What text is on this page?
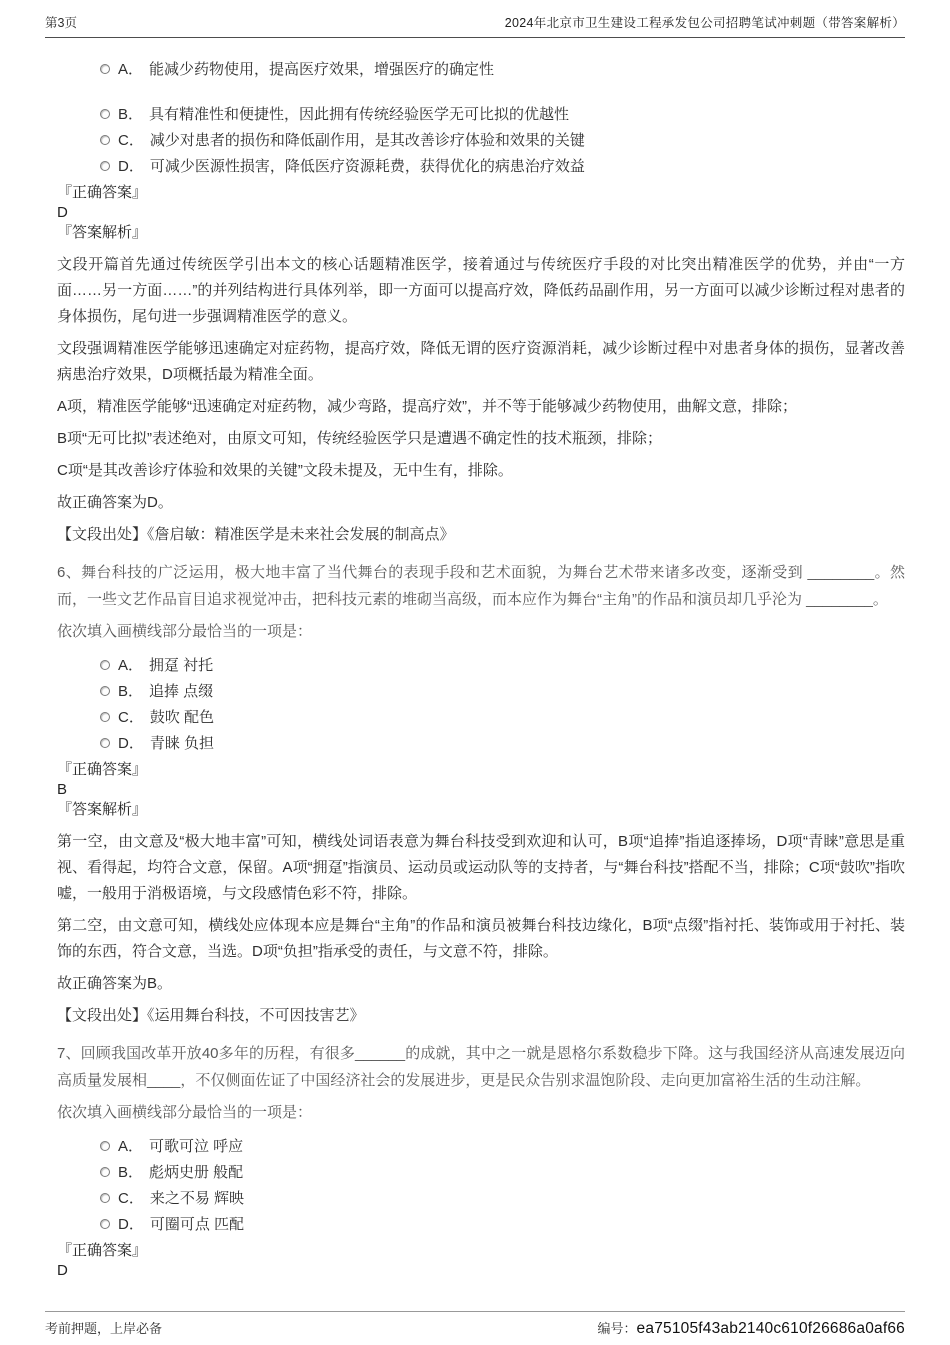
第3页	2024年北京市卫生建设工程承发包公司招聘笔试冲刺题（带答案解析）
A． 能减少药物使用，提高医疗效果，增强医疗的确定性
B． 具有精准性和便捷性，因此拥有传统经验医学无可比拟的优越性
C． 减少对患者的损伤和降低副作用，是其改善诊疗体验和效果的关键
D． 可减少医源性损害，降低医疗资源耗费，获得优化的病患治疗效益
『正确答案』
D
『答案解析』

文段开篇首先通过传统医学引出本文的核心话题精准医学，接着通过与传统医疗手段的对比突出精准医学的优势，并由“一方面……另一方面……”的并列结构进行具体列举，即一方面可以提高疗效，降低药品副作用，另一方面可以减少诊断过程对患者的身体损伤，尾句进一步强调精准医学的意义。

文段强调精准医学能够迅速确定对症药物，提高疗效，降低无谓的医疗资源消耗，减少诊断过程中对患者身体的损伤，显著改善病患治疗效果，D项概括最为精准全面。

A项，精准医学能够“迅速确定对症药物，减少弯路，提高疗效”，并不等于能够减少药物使用，曲解文意，排除；

B项“无可比拟”表述绝对，由原文可知，传统经验医学只是遭遇不确定性的技术瓶颈，排除；

C项“是其改善诊疗体验和效果的关键”文段未提及，无中生有，排除。

故正确答案为D。

【文段出处】《詹启敏：精准医学是未来社会发展的制高点》

6、舞台科技的广泛运用，极大地丰富了当代舞台的表现手段和艺术面貌，为舞台艺术带来诸多改变，逐渐受到 ________。然而，一些文艺作品盲目追求视觉冲击，把科技元素的堆砌当高级，而本应作为舞台“主角”的作品和演员却几乎沦为 ________。

依次填入画横线部分最恰当的一项是：

A． 拥趸 衬托
B． 追捧 点缀
C． 鼓吹 配色
D． 青睐 负担
『正确答案』
B
『答案解析』

第一空，由文意及“极大地丰富”可知，横线处词语表意为舞台科技受到欢迎和认可，B项“追捧”指追逐捧场，D项“青睐”意思是重视、看得起，均符合文意，保留。A项“拥趸”指演员、运动员或运动队等的支持者，与“舞台科技”搭配不当，排除；C项“鼓吹”指吹嘘，一般用于消极语境，与文段感情色彩不符，排除。

第二空，由文意可知，横线处应体现本应是舞台“主角”的作品和演员被舞台科技边缘化，B项“点缀”指衬托、装饰或用于衬托、装饰的东西，符合文意，当选。D项“负担”指承受的责任，与文意不符，排除。

故正确答案为B。

【文段出处】《运用舞台科技，不可因技害艺》

7、回顾我国改革开放40多年的历程，有很多______的成就，其中之一就是恩格尔系数稳步下降。这与我国经济从高速发展迈向高质量发展相____，不仅侧面佐证了中国经济社会的发展进步，更是民众告别求温饱阶段、走向更加富裕生活的生动注解。

依次填入画横线部分最恰当的一项是：

A． 可歌可泣 呼应
B． 彪炳史册 般配
C． 来之不易 辉映
D． 可圈可点 匹配
『正确答案』
D
考前押题，上岸必备	编号： ea75105f43ab2140c610f26686a0af66
